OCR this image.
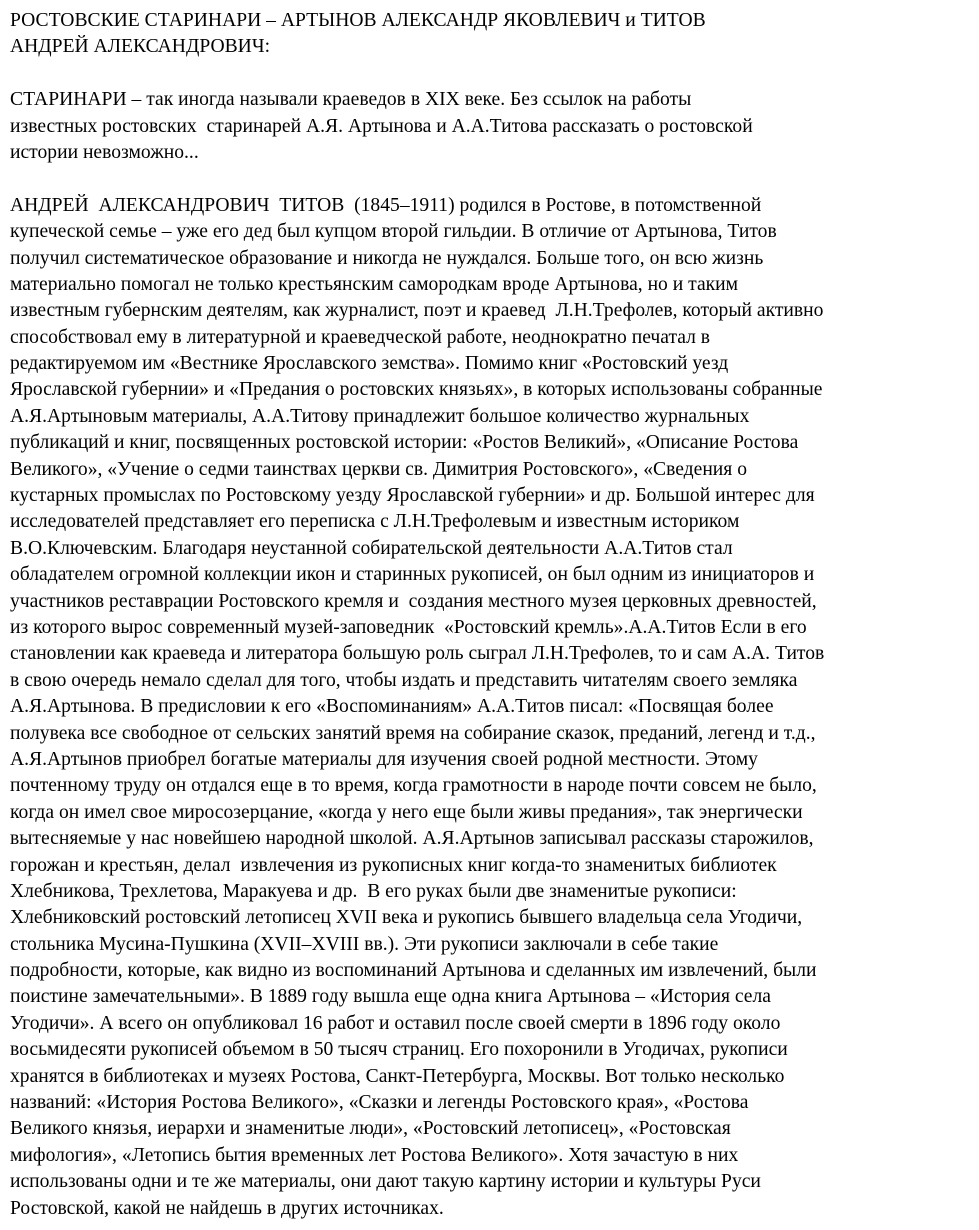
РОСТОВСКИЕ СТАРИНАРИ – АРТЫНОВ АЛЕКСАНДР ЯКОВЛЕВИЧ и ТИТОВ
АНДРЕЙ АЛЕКСАНДРОВИЧ:
СТАРИНАРИ – так иногда называли краеведов в XIX веке. Без ссылок на работы
известных ростовских  старинарей А.Я. Артынова и А.А.Титова рассказать о ростовской
истории невозможно...
АНДРЕЙ  АЛЕКСАНДРОВИЧ  ТИТОВ  (1845–1911) родился в Ростове, в потомственной
купеческой семье – уже его дед был купцом второй гильдии. В отличие от Артынова, Титов
получил систематическое образование и никогда не нуждался. Больше того, он всю жизнь
материально помогал не только крестьянским самородкам вроде Артынова, но и таким
известным губернским деятелям, как журналист, поэт и краевед  Л.Н.Трефолев, который активно
способствовал ему в литературной и краеведческой работе, неоднократно печатал в
редактируемом им «Вестнике Ярославского земства». Помимо книг «Ростовский уезд
Ярославской губернии» и «Предания о ростовских князьях», в которых использованы собранные
А.Я.Артыновым материалы, А.А.Титову принадлежит большое количество журнальных
публикаций и книг, посвященных ростовской истории: «Ростов Великий», «Описание Ростова
Великого», «Учение о седми таинствах церкви св. Димитрия Ростовского», «Сведения о
кустарных промыслах по Ростовскому уезду Ярославской губернии» и др. Большой интерес для
исследователей представляет его переписка с Л.Н.Трефолевым и известным историком
В.О.Ключевским. Благодаря неустанной собирательской деятельности А.А.Титов стал
обладателем огромной коллекции икон и старинных рукописей, он был одним из инициаторов и
участников реставрации Ростовского кремля и  создания местного музея церковных древностей,
из которого вырос современный музей-заповедник  «Ростовский кремль».А.А.Титов Если в его
становлении как краеведа и литератора большую роль сыграл Л.Н.Трефолев, то и сам А.А. Титов
в свою очередь немало сделал для того, чтобы издать и представить читателям своего земляка
А.Я.Артынова. В предисловии к его «Воспоминаниям» А.А.Титов писал: «Посвящая более
полувека все свободное от сельских занятий время на собирание сказок, преданий, легенд и т.д.,
А.Я.Артынов приобрел богатые материалы для изучения своей родной местности. Этому
почтенному труду он отдался еще в то время, когда грамотности в народе почти совсем не было,
когда он имел свое миросозерцание, «когда у него еще были живы предания», так энергически
вытесняемые у нас новейшею народной школой. А.Я.Артынов записывал рассказы старожилов,
горожан и крестьян, делал  извлечения из рукописных книг когда-то знаменитых библиотек
Хлебникова, Трехлетова, Маракуева и др.  В его руках были две знаменитые рукописи:
Хлебниковский ростовский летописец XVII века и рукопись бывшего владельца села Угодичи,
стольника Мусина-Пушкина (XVII–XVIII вв.). Эти рукописи заключали в себе такие
подробности, которые, как видно из воспоминаний Артынова и сделанных им извлечений, были
поистине замечательными». В 1889 году вышла еще одна книга Артынова – «История села
Угодичи». А всего он опубликовал 16 работ и оставил после своей смерти в 1896 году около
восьмидесяти рукописей объемом в 50 тысяч страниц. Его похоронили в Угодичах, рукописи
хранятся в библиотеках и музеях Ростова, Санкт-Петербурга, Москвы. Вот только несколько
названий: «История Ростова Великого», «Сказки и легенды Ростовского края», «Ростова
Великого князья, иерархи и знаменитые люди», «Ростовский летописец», «Ростовская
мифология», «Летопись бытия временных лет Ростова Великого». Хотя зачастую в них
использованы одни и те же материалы, они дают такую картину истории и культуры Руси
Ростовской, какой не найдешь в других источниках.
